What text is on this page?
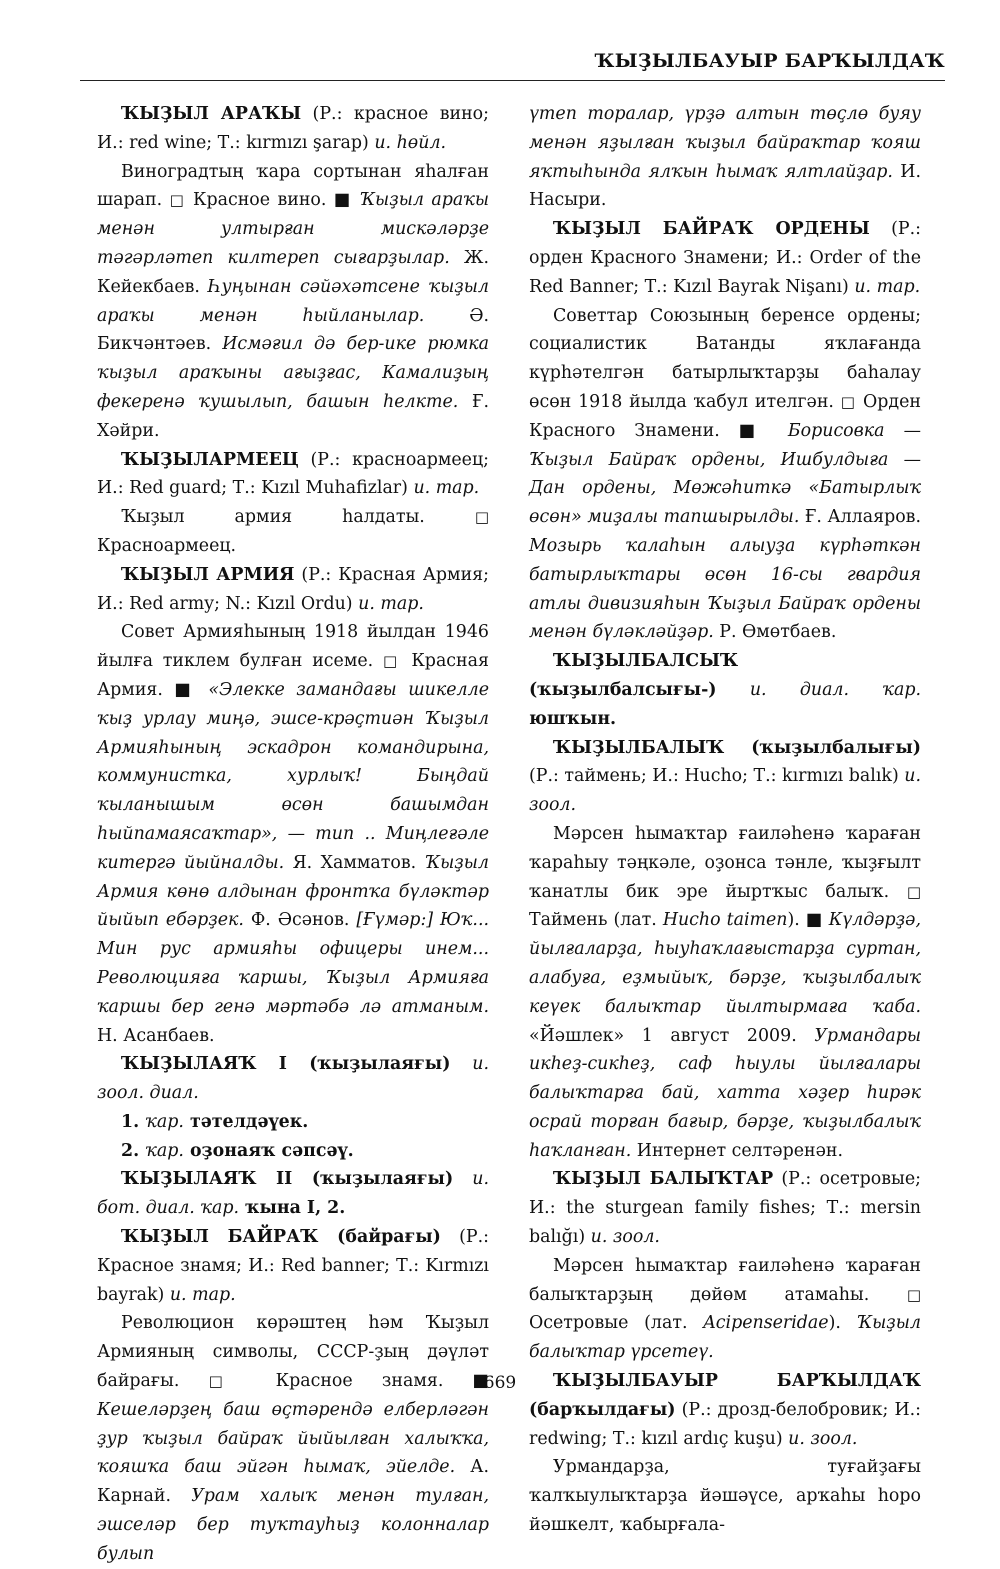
ҠЫҘЫЛБАУЫР БАРҠЫЛДАҠ

ҠЫҘЫЛ АРАҠЫ (Р.: красное вино; И.: red wine; Т.: kırmızı şarap) и. һөйл.

Виноградтың ҡара сортынан яһалған шарап. □ Красное вино. ■ Ҡыҙыл араҡы менән ултырған мискәләрҙе тәгәрләтеп килтереп сығарҙылар. Ж. Кейекбаев. Һуңынан сәйәхәтсене ҡыҙыл араҡы менән һыйланылар. Ә. Бикчәнтәев. Исмәғил дә бер-ике рюмка ҡыҙыл араҡыны ағыҙғас, Камалиҙың фекеренә ҡушылып, башын һелкте. Ғ. Хәйри.

ҠЫҘЫЛАРМЕЕЦ (Р.: красноармеец; И.: Red guard; Т.: Kızıl Muhafizlar) и. тар.

Ҡыҙыл армия һалдаты. □ Красноармеец.

ҠЫҘЫЛ АРМИЯ (Р.: Красная Армия; И.: Red army; N.: Kızıl Ordu) и. тар.

Совет Армияһының 1918 йылдан 1946 йылға тиклем булған исеме. □ Красная Армия. ■ «Элекке замандағы шикелле ҡыҙ урлау миңә, эшсе-крәҫтиән Ҡыҙыл Армияһының эскадрон командирына, коммунистка, хурлыҡ! Быңдай ҡыланышым өсөн башымдан һыйпамаясаҡтар», — тип .. Миңлеғәле китергә йыйналды. Я. Хамматов. Ҡыҙыл Армия көнө алдынан фронтҡа бүләктәр йыйып ебәрҙек. Ф. Әсәнов. [Ғүмәр:] Юҡ... Мин рус армияһы офицеры инем... Революцияға ҡаршы, Ҡыҙыл Армияға ҡаршы бер генә мәртәбә лә атманым. Н. Асанбаев.

ҠЫҘЫЛАЯҠ I (ҡыҙылаяғы) и. зоол. диал.

1. ҡар. тәтелдәүек.

2. ҡар. оҙонаяҡ сәпсәү.

ҠЫҘЫЛАЯҠ II (ҡыҙылаяғы) и. бот. диал. ҡар. ҡына I, 2.

ҠЫҘЫЛ БАЙРАҠ (байрағы) (Р.: Красное знамя; И.: Red banner; Т.: Kırmızı bayrak) и. тар.

Революцион көрәштең һәм Ҡыҙыл Армияның символы, СССР-ҙың дәүләт байрағы. □ Красное знамя. ■ Кешеләрҙең баш өҫтәрендә елберләгән ҙур ҡыҙыл байраҡ йыйылған халыҡҡа, ҡояшҡа баш эйгән һымаҡ, эйелде. А. Карнай. Урам халыҡ менән тулған, эшселәр бер туҡтауһыҙ колонналар булып

үтеп торалар, үрҙә алтын төҫлө буяу менән яҙылған ҡыҙыл байраҡтар ҡояш яҡтыһында ялҡын һымаҡ ялтлайҙар. И. Насыри.

ҠЫҘЫЛ БАЙРАҠ ОРДЕНЫ (Р.: орден Красного Знамени; И.: Order of the Red Banner; Т.: Kızıl Bayrak Nişanı) и. тар.

Советтар Союзының беренсе ордены; социалистик Ватанды яҡлағанда күрһәтелгән батырлыҡтарҙы баһалау өсөн 1918 йылда ҡабул ителгән. □ Орден Красного Знамени. ■ Борисовка — Ҡыҙыл Байраҡ ордены, Ишбулдыға — Дан ордены, Мөжәһиткә «Батырлыҡ өсөн» миҙалы тапшырылды. Ғ. Аллаяров. Мозырь ҡалаһын алыуҙа күрһәткән батырлыҡтары өсөн 16-сы гвардия атлы дивизияһын Ҡыҙыл Байраҡ ордены менән бүләкләйҙәр. Р. Өмөтбаев.

ҠЫҘЫЛБАЛСЫҠ (ҡыҙылбалсығы-) и. диал. ҡар. юшҡын.

ҠЫҘЫЛБАЛЫҠ (ҡыҙылбалығы) (Р.: таймень; И.: Hucho; Т.: kırmızı balık) и. зоол.

Мәрсен һымаҡтар ғаиләһенә ҡараған ҡараһыу тәңкәле, оҙонса тәнле, ҡыҙғылт ҡанатлы бик эре йыртҡыс балыҡ. □ Таймень (лат. Hucho taimen). ■ Күлдәрҙә, йылғаларҙа, һыуһаҡлағыстарҙа суртан, алабуға, еҙмыйыҡ, бәрҙе, ҡыҙылбалыҡ кеүек балыҡтар йылтырмаға ҡаба. «Йәшлек» 1 август 2009. Урмандары икһеҙ-сикһеҙ, саф һыулы йылғалары балыҡтарға бай, хатта хәҙер һирәк осрай торған бағыр, бәрҙе, ҡыҙылбалыҡ һаҡланған. Интернет селтәренән.

ҠЫҘЫЛ БАЛЫҠТАР (Р.: осетровые; И.: the sturgean family fishes; Т.: mersin balığı) и. зоол.

Мәрсен һымаҡтар ғаиләһенә ҡараған балыҡтарҙың дөйөм атамаһы. □ Осетровые (лат. Acipenseridae). Ҡыҙыл балыҡтар үрсетеү.

ҠЫҘЫЛБАУЫР БАРҠЫЛДАҠ (барҡылдағы) (Р.: дрозд-белобровик; И.: redwing; Т.: kızıl ardıç kuşu) и. зоол.

Урмандарҙа, туғайҙағы ҡалҡыулыҡтарҙа йәшәүсе, арҡаһы һоро йәшкелт, ҡабырғала-

669
